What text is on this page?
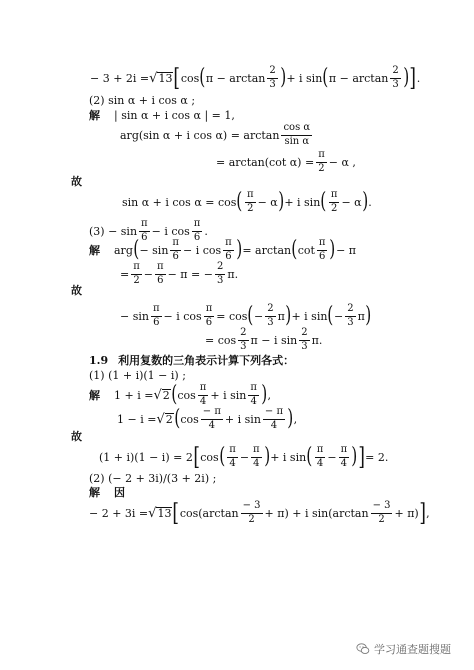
− 3 + 2i = √ 13 [ cos ( π − arctan
2
3 ) + i sin ( π − arctan
2
3 ) ] .
(2) sin α + i cos α ;
解 | sin α + i cos α | = 1,
arg(sin α + i cos α) = arctan
cos α
sin α
= arctan(cot $\alpha) = \frac{\pi}{2} - \alpha$ ,
故
sin α + i cos α = cos ( π
2 − α ) + i sin ( π
2 − α ) .
(3) − sin
π
6 − i cos
π
6 .
解 arg ( − sin
π
6 − i cos
π
6 ) = arctan ( cot
π
6 ) − π
= $\frac{\pi}{2} - \frac{\pi}{6} - \pi$ = − $\frac{2}{3} \pi$.
故
− sin
π
6 − i $\cos \frac{\pi}{6} = \cos$ ( − $\frac{2}{3}$ π ) + i sin ( − $\frac{2}{3}$ π )
= cos
2
3 π − i sin
2
3 π.
1.9 利用复数的三角表示计算下列各式：
(1) (1 + i)(1 − i) ;
解 1 + i = √ 2 ( cos
π
4 + i sin
π
4 ) ,
1 − i = √ 2 ( cos
− π
4 + i sin
− π
4 ) ,
故
(1 + i)(1 − i) = 2 [ cos ( π
$4 - \frac{\pi}{4}$ ) + i sin ( π
$4 - \frac{\pi}{4}$ ) ] = 2.
(2) (− 2 + 3i)/(3 + 2i) ;
解 因
− 2 + 3i = √ 13 [ cos(arctan
− 3
2 + π) + i sin(arctan
− 3
2 + π) ] ,
学习通查题搜题
